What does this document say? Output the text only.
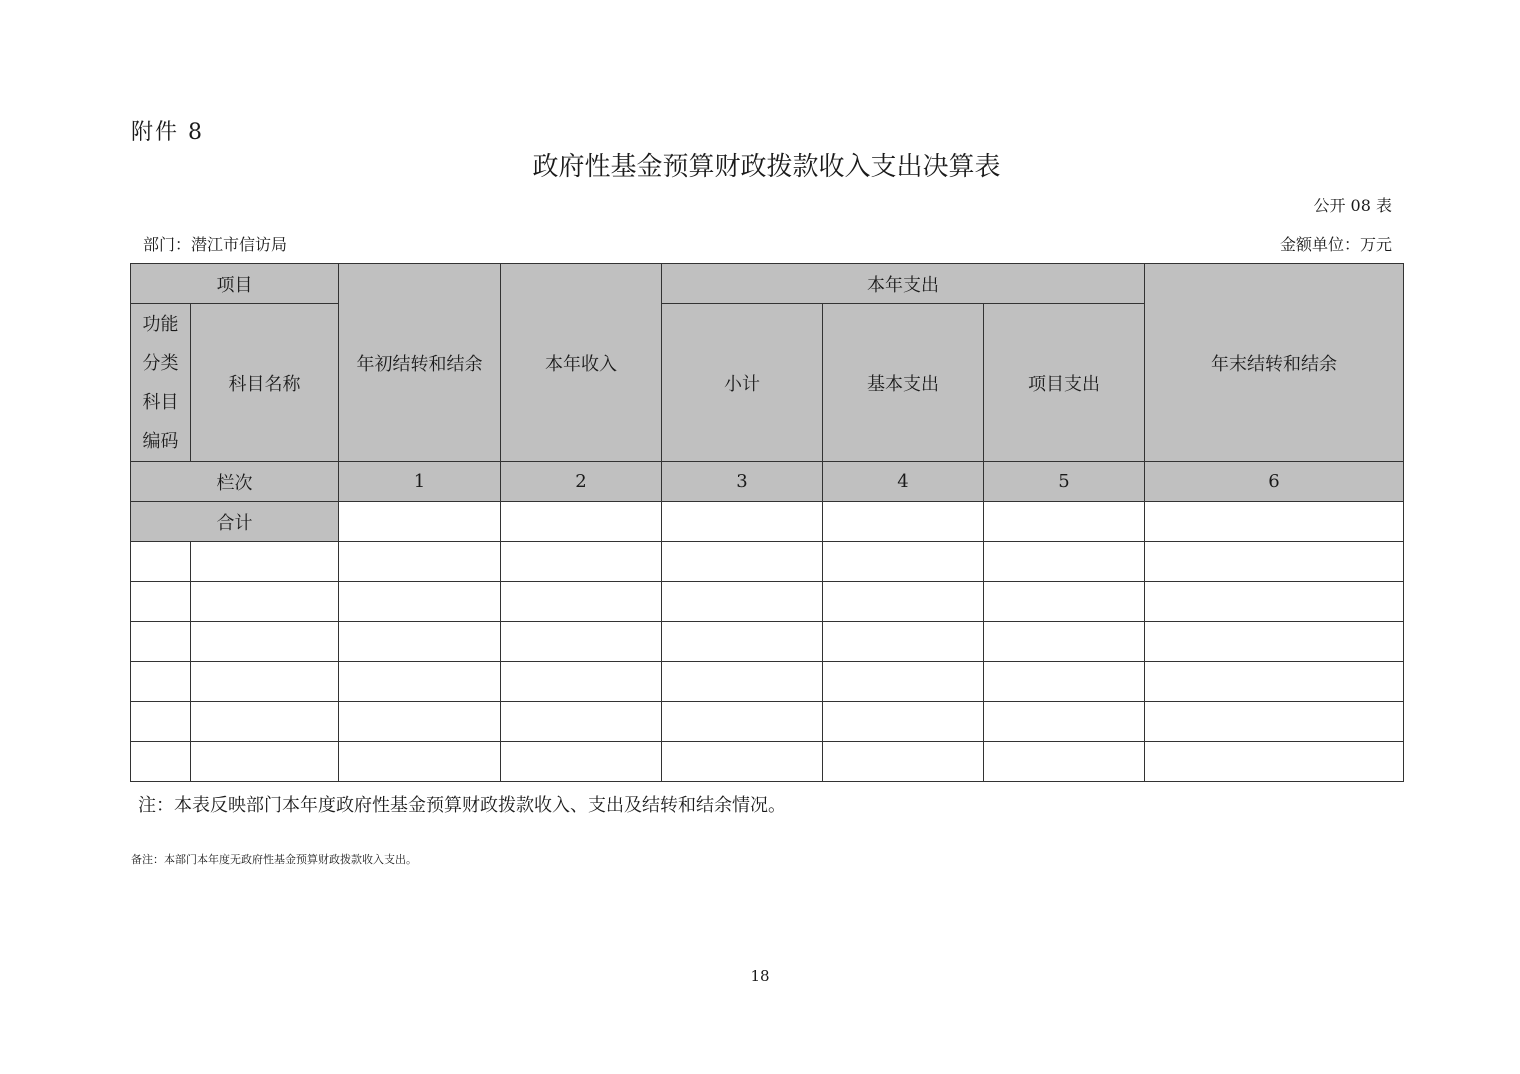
附件 8
政府性基金预算财政拨款收入支出决算表
公开 08 表
部门：潜江市信访局	金额单位：万元
项目		年初结转和结余	本年收入	本年支出			年末结转和结余

功能
分类
科目
编码	科目名称			小计	基本支出	项目支出	
栏次		1	2	3	4	5	6
合计							

注：本表反映部门本年度政府性基金预算财政拨款收入、支出及结转和结余情况。
备注：本部门本年度无政府性基金预算财政拨款收入支出。
18
